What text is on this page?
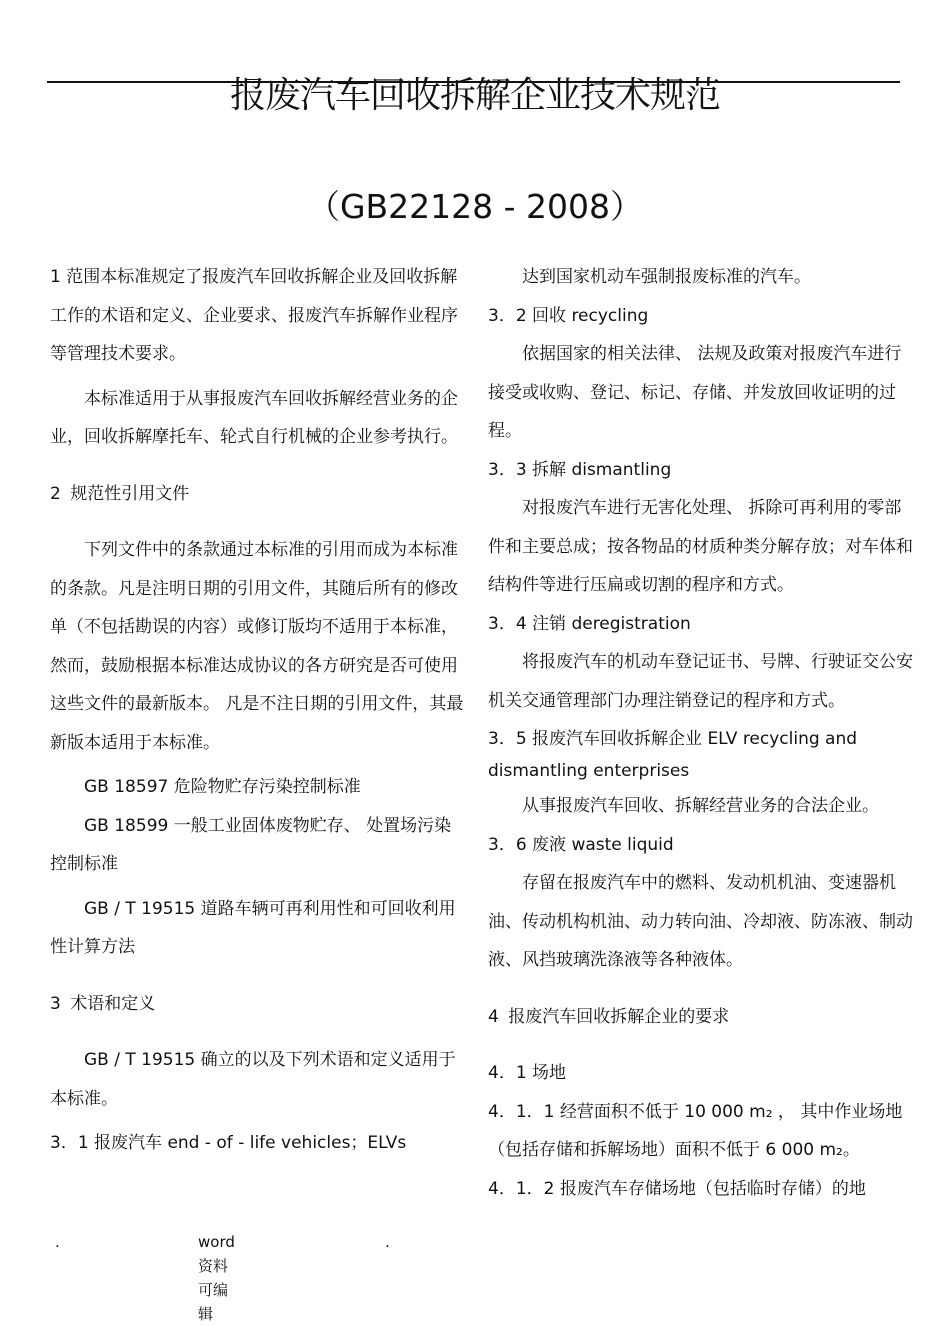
报废汽车回收拆解企业技术规范
（GB22128 - 2008）

1 范围本标准规定了报废汽车回收拆解企业及回收拆解工作的术语和定义、企业要求、报废汽车拆解作业程序等管理技术要求。

本标准适用于从事报废汽车回收拆解经营业务的企业，回收拆解摩托车、轮式自行机械的企业参考执行。

2 规范性引用文件

下列文件中的条款通过本标准的引用而成为本标准的条款。凡是注明日期的引用文件，其随后所有的修改单（不包括勘误的内容）或修订版均不适用于本标准，然而，鼓励根据本标准达成协议的各方研究是否可使用这些文件的最新版本。 凡是不注日期的引用文件，其最新版本适用于本标准。

GB 18597 危险物贮存污染控制标准

GB 18599 一般工业固体废物贮存、 处置场污染控制标准

GB / T 19515 道路车辆可再利用性和可回收利用性计算方法

3 术语和定义

GB / T 19515 确立的以及下列术语和定义适用于本标准。

3．1 报废汽车 end - of - life vehicles；ELVs

达到国家机动车强制报废标准的汽车。

3．2 回收 recycling

依据国家的相关法律、 法规及政策对报废汽车进行接受或收购、登记、标记、存储、并发放回收证明的过程。

3．3 拆解 dismantling

对报废汽车进行无害化处理、 拆除可再利用的零部件和主要总成；按各物品的材质种类分解存放；对车体和结构件等进行压扁或切割的程序和方式。

3．4 注销 deregistration

将报废汽车的机动车登记证书、号牌、行驶证交公安机关交通管理部门办理注销登记的程序和方式。

3．5 报废汽车回收拆解企业 ELV recycling and dismantling enterprises

从事报废汽车回收、拆解经营业务的合法企业。

3．6 废液 waste liquid

存留在报废汽车中的燃料、发动机机油、变速器机油、传动机构机油、动力转向油、冷却液、防冻液、制动液、风挡玻璃洗涤液等各种液体。

4 报废汽车回收拆解企业的要求

4．1 场地

4．1．1 经营面积不低于 10 000 m₂ ， 其中作业场地（包括存储和拆解场地）面积不低于 6 000 m₂。

4．1．2 报废汽车存储场地（包括临时存储）的地

.	word 资料可编辑
.
